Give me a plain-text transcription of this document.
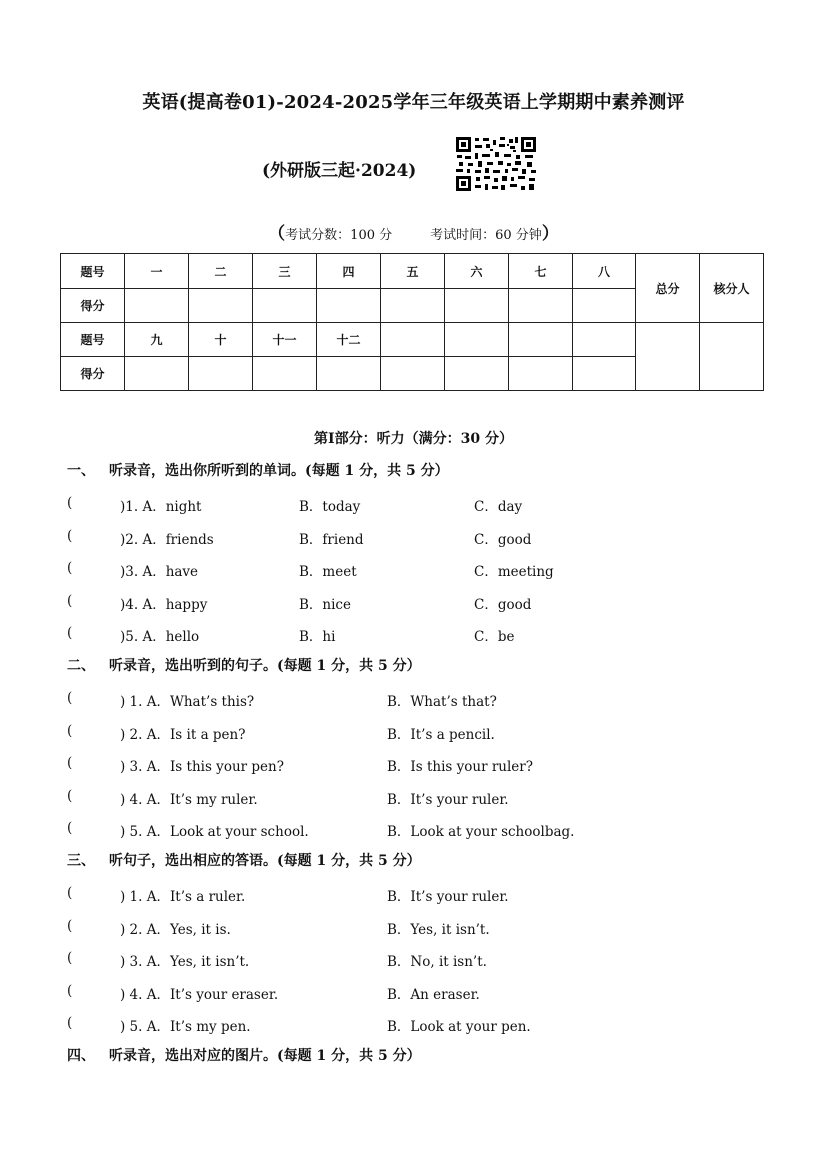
英语(提高卷01)-2024-2025学年三年级英语上学期期中素养测评
(外研版三起·2024)
（考试分数：100 分	考试时间：60 分钟）
题号	一	二	三	四	五	六	七	八	总分	核分人
得分										
题号	九	十	十一	十二						
得分										
第Ⅰ部分：听力（满分：30 分）
一、 听录音，选出你所听到的单词。(每题 1 分，共 5 分）
(	)1. A．night	B．today	C．day
(	)2. A．friends	B．friend	C．good
(	)3. A．have	B．meet	C．meeting
(	)4. A．happy	B．nice	C．good
(	)5. A．hello	B．hi	C．be
二、 听录音，选出听到的句子。(每题 1 分，共 5 分）
(	) 1. A．What’s this?	B．What’s that?
(	) 2. A．Is it a pen?	B．It’s a pencil.
(	) 3. A．Is this your pen?	B．Is this your ruler?
(	) 4. A．It’s my ruler.	B．It’s your ruler.
(	) 5. A．Look at your school.	B．Look at your schoolbag.
三、 听句子，选出相应的答语。(每题 1 分，共 5 分）
(	) 1. A．It’s a ruler.	B．It’s your ruler.
(	) 2. A．Yes, it is.	B．Yes, it isn’t.
(	) 3. A．Yes, it isn’t.	B．No, it isn’t.
(	) 4. A．It’s your eraser.	B．An eraser.
(	) 5. A．It’s my pen.	B．Look at your pen.
四、 听录音，选出对应的图片。(每题 1 分，共 5 分）
